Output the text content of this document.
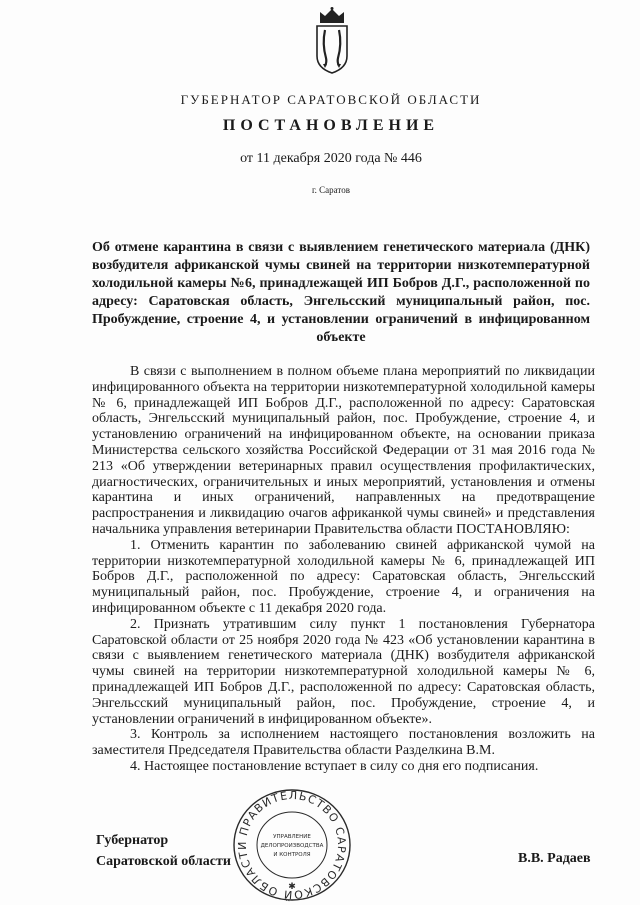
ГУБЕРНАТОР САРАТОВСКОЙ ОБЛАСТИ
ПОСТАНОВЛЕНИЕ
от 11 декабря 2020 года № 446
г. Саратов
Об отмене карантина в связи с выявлением генетического материала (ДНК) возбудителя африканской чумы свиней на территории низкотемпературной холодильной камеры №6, принадлежащей ИП Бобров Д.Г., расположенной по адресу: Саратовская область, Энгельсский муниципальный район, пос. Пробуждение, строение 4, и установлении ограничений в инфицированном объекте

В связи с выполнением в полном объеме плана мероприятий по ликвидации инфицированного объекта на территории низкотемпературной холодильной камеры № 6, принадлежащей ИП Бобров Д.Г., расположенной по адресу: Саратовская область, Энгельсский муниципальный район, пос. Пробуждение, строение 4, и установлению ограничений на инфицированном объекте, на основании приказа Министерства сельского хозяйства Российской Федерации от 31 мая 2016 года № 213 «Об утверждении ветеринарных правил осуществления профилактических, диагностических, ограничительных и иных мероприятий, установления и отмены карантина и иных ограничений, направленных на предотвращение распространения и ликвидацию очагов африканкой чумы свиней» и представления начальника управления ветеринарии Правительства области ПОСТАНОВЛЯЮ:

1. Отменить карантин по заболеванию свиней африканской чумой на территории низкотемпературной холодильной камеры № 6, принадлежащей ИП Бобров Д.Г., расположенной по адресу: Саратовская область, Энгельсский муниципальный район, пос. Пробуждение, строение 4, и ограничения на инфицированном объекте с 11 декабря 2020 года.

2. Признать утратившим силу пункт 1 постановления Губернатора Саратовской области от 25 ноября 2020 года № 423 «Об установлении карантина в связи с выявлением генетического материала (ДНК) возбудителя африканской чумы свиней на территории низкотемпературной холодильной камеры № 6, принадлежащей ИП Бобров Д.Г., расположенной по адресу: Саратовская область, Энгельсский муниципальный район, пос. Пробуждение, строение 4, и установлении ограничений в инфицированном объекте».

3. Контроль за исполнением настоящего постановления возложить на заместителя Председателя Правительства области Разделкина В.М.

4. Настоящее постановление вступает в силу со дня его подписания.

Губернатор
Саратовской области	В.В. Радаев
ПРАВИТЕЛЬСТВО САРАТОВСКОЙ ОБЛАСТИ
УПРАВЛЕНИЕ
ДЕЛОПРОИЗВОДСТВА
И КОНТРОЛЯ
✱
